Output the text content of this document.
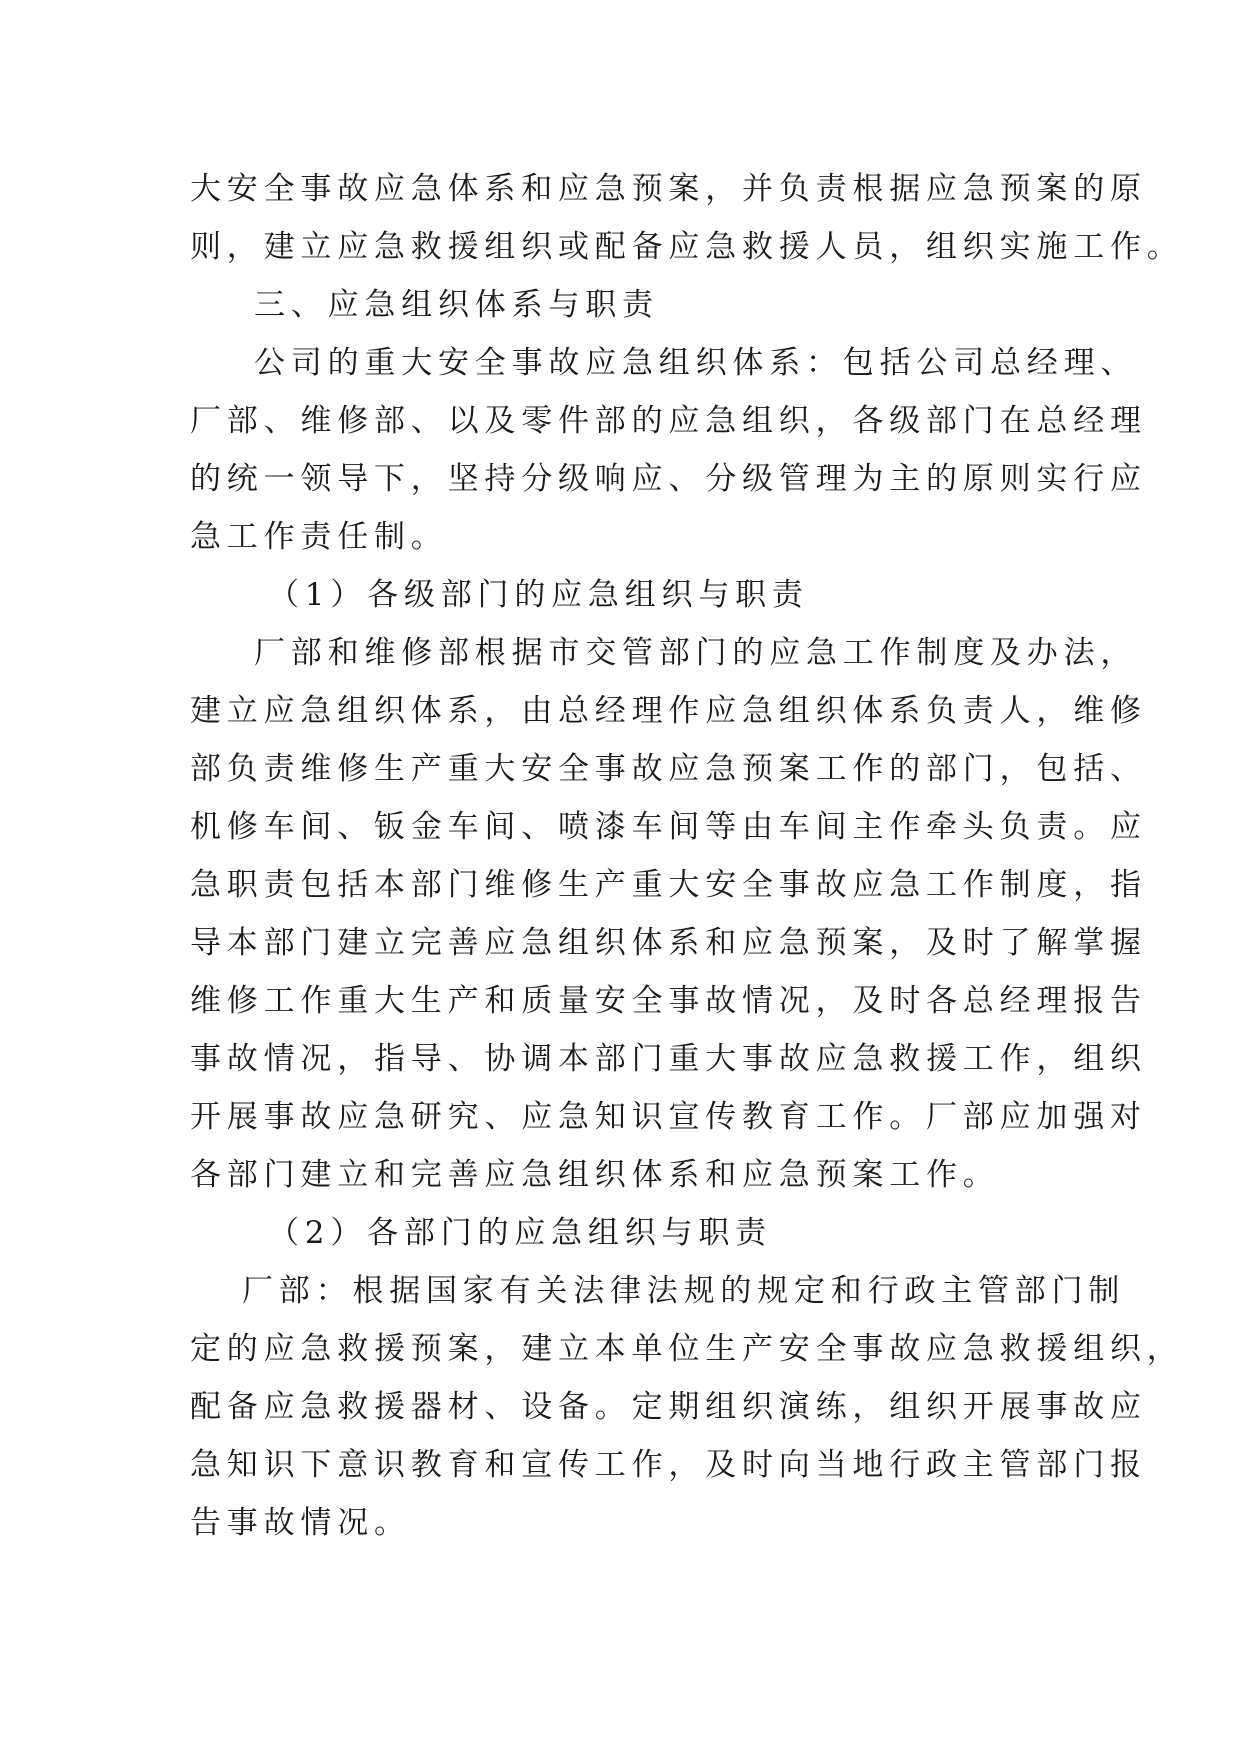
大安全事故应急体系和应急预案，并负责根据应急预案的原
则，建立应急救援组织或配备应急救援人员，组织实施工作。
三、应急组织体系与职责
公司的重大安全事故应急组织体系：包括公司总经理、
厂部、维修部、以及零件部的应急组织，各级部门在总经理
的统一领导下，坚持分级响应、分级管理为主的原则实行应
急工作责任制。
（1）各级部门的应急组织与职责
厂部和维修部根据市交管部门的应急工作制度及办法，
建立应急组织体系，由总经理作应急组织体系负责人，维修
部负责维修生产重大安全事故应急预案工作的部门，包括、
机修车间、钣金车间、喷漆车间等由车间主作牵头负责。应
急职责包括本部门维修生产重大安全事故应急工作制度，指
导本部门建立完善应急组织体系和应急预案，及时了解掌握
维修工作重大生产和质量安全事故情况，及时各总经理报告
事故情况，指导、协调本部门重大事故应急救援工作，组织
开展事故应急研究、应急知识宣传教育工作。厂部应加强对
各部门建立和完善应急组织体系和应急预案工作。
（2）各部门的应急组织与职责
厂部：根据国家有关法律法规的规定和行政主管部门制
定的应急救援预案，建立本单位生产安全事故应急救援组织，
配备应急救援器材、设备。定期组织演练，组织开展事故应
急知识下意识教育和宣传工作，及时向当地行政主管部门报
告事故情况。
